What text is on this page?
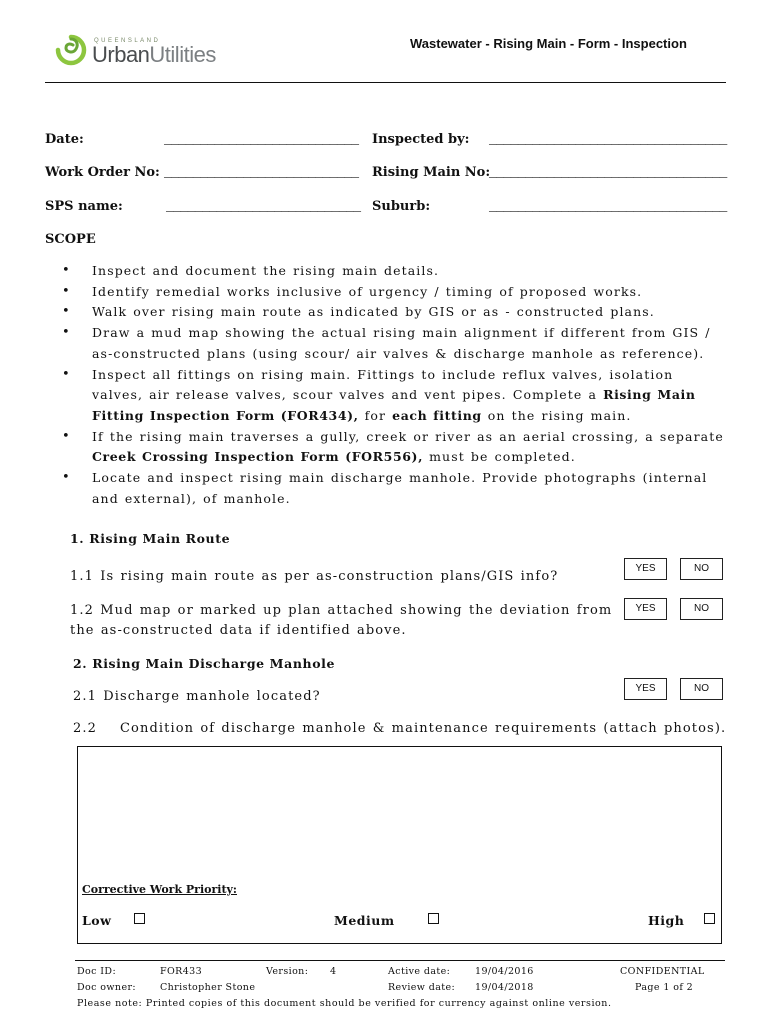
QUEENSLAND
UrbanUtilities	Wastewater - Rising Main - Form - Inspection
Date:	___________________________ Inspected by: _________________________________
Work Order No: ___________________________ Rising Main No:
_________________________________
SPS name:	___________________________ Suburb:	_________________________________
SCOPE
• Inspect and document the rising main details.
• Identify remedial works inclusive of urgency / timing of proposed works.
• Walk over rising main route as indicated by GIS or as - constructed plans.
• Draw a mud map showing the actual rising main alignment if different from GIS / as-constructed plans (using scour/ air valves & discharge manhole as reference).
• Inspect all fittings on rising main. Fittings to include reflux valves, isolation valves, air release valves, scour valves and vent pipes. Complete a Rising Main Fitting Inspection Form (FOR434), for each fitting on the rising main.
• If the rising main traverses a gully, creek or river as an aerial crossing, a separate Creek Crossing Inspection Form (FOR556), must be completed.
• Locate and inspect rising main discharge manhole. Provide photographs (internal and external), of manhole.
1. Rising Main Route
1.1 Is rising main route as per as-construction plans/GIS info?
YES	NO
1.2 Mud map or marked up plan attached showing the deviation from the as-constructed data if identified above.
YES	NO
2. Rising Main Discharge Manhole
2.1 Discharge manhole located?
YES	NO
2.2 Condition of discharge manhole & maintenance requirements (attach photos).
Corrective Work Priority:
Low	Medium	High
Doc ID:	FOR433	Version: 4	Active date:	19/04/2016	CONFIDENTIAL
Doc owner:	Christopher Stone	Review date: 19/04/2018	Page 1 of 2
Please note: Printed copies of this document should be verified for currency against online version.
